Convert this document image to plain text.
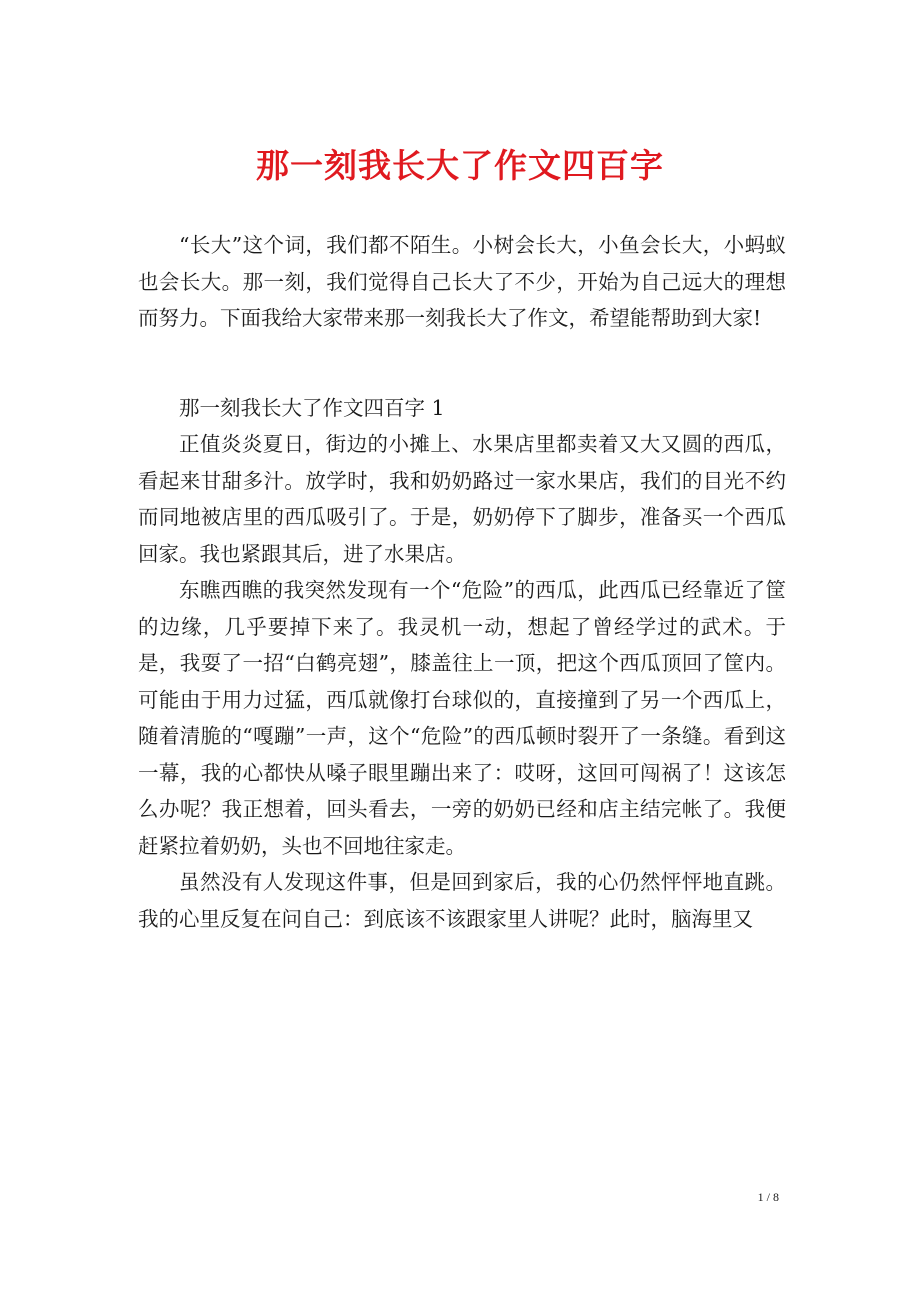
那一刻我长大了作文四百字

“长大”这个词，我们都不陌生。小树会长大，小鱼会长大，小蚂蚁也会长大。那一刻，我们觉得自己长大了不少，开始为自己远大的理想而努力。下面我给大家带来那一刻我长大了作文，希望能帮助到大家!

那一刻我长大了作文四百字 1

正值炎炎夏日，街边的小摊上、水果店里都卖着又大又圆的西瓜，看起来甘甜多汁。放学时，我和奶奶路过一家水果店，我们的目光不约而同地被店里的西瓜吸引了。于是，奶奶停下了脚步，准备买一个西瓜回家。我也紧跟其后，进了水果店。

东瞧西瞧的我突然发现有一个“危险”的西瓜，此西瓜已经靠近了筐的边缘，几乎要掉下来了。我灵机一动，想起了曾经学过的武术。于是，我耍了一招“白鹤亮翅”，膝盖往上一顶，把这个西瓜顶回了筐内。可能由于用力过猛，西瓜就像打台球似的，直接撞到了另一个西瓜上，随着清脆的“嘎蹦”一声，这个“危险”的西瓜顿时裂开了一条缝。看到这一幕，我的心都快从嗓子眼里蹦出来了：哎呀，这回可闯祸了！这该怎么办呢？我正想着，回头看去，一旁的奶奶已经和店主结完帐了。我便赶紧拉着奶奶，头也不回地往家走。

虽然没有人发现这件事，但是回到家后，我的心仍然怦怦地直跳。我的心里反复在问自己：到底该不该跟家里人讲呢？此时，脑海里又

1 / 8
